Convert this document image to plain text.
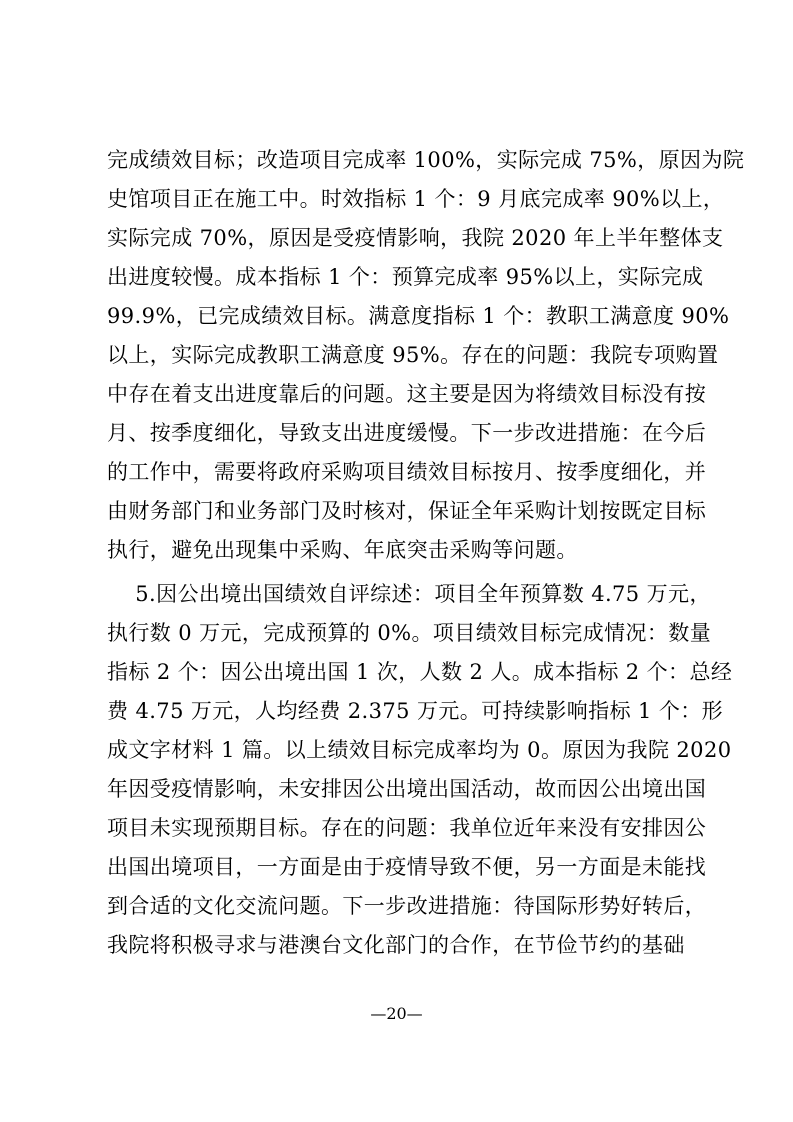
完成绩效目标；改造项目完成率 100%，实际完成 75%，原因为院
史馆项目正在施工中。时效指标 1 个：9 月底完成率 90%以上，
实际完成 70%，原因是受疫情影响，我院 2020 年上半年整体支
出进度较慢。成本指标 1 个：预算完成率 95%以上，实际完成
99.9%，已完成绩效目标。满意度指标 1 个：教职工满意度 90%
以上，实际完成教职工满意度 95%。存在的问题：我院专项购置
中存在着支出进度靠后的问题。这主要是因为将绩效目标没有按
月、按季度细化，导致支出进度缓慢。下一步改进措施：在今后
的工作中，需要将政府采购项目绩效目标按月、按季度细化，并
由财务部门和业务部门及时核对，保证全年采购计划按既定目标
执行，避免出现集中采购、年底突击采购等问题。
5.因公出境出国绩效自评综述：项目全年预算数 4.75 万元，
执行数 0 万元，完成预算的 0%。项目绩效目标完成情况：数量
指标 2 个：因公出境出国 1 次，人数 2 人。成本指标 2 个：总经
费 4.75 万元，人均经费 2.375 万元。可持续影响指标 1 个：形
成文字材料 1 篇。以上绩效目标完成率均为 0。原因为我院 2020
年因受疫情影响，未安排因公出境出国活动，故而因公出境出国
项目未实现预期目标。存在的问题：我单位近年来没有安排因公
出国出境项目，一方面是由于疫情导致不便，另一方面是未能找
到合适的文化交流问题。下一步改进措施：待国际形势好转后，
我院将积极寻求与港澳台文化部门的合作，在节俭节约的基础
—20—
